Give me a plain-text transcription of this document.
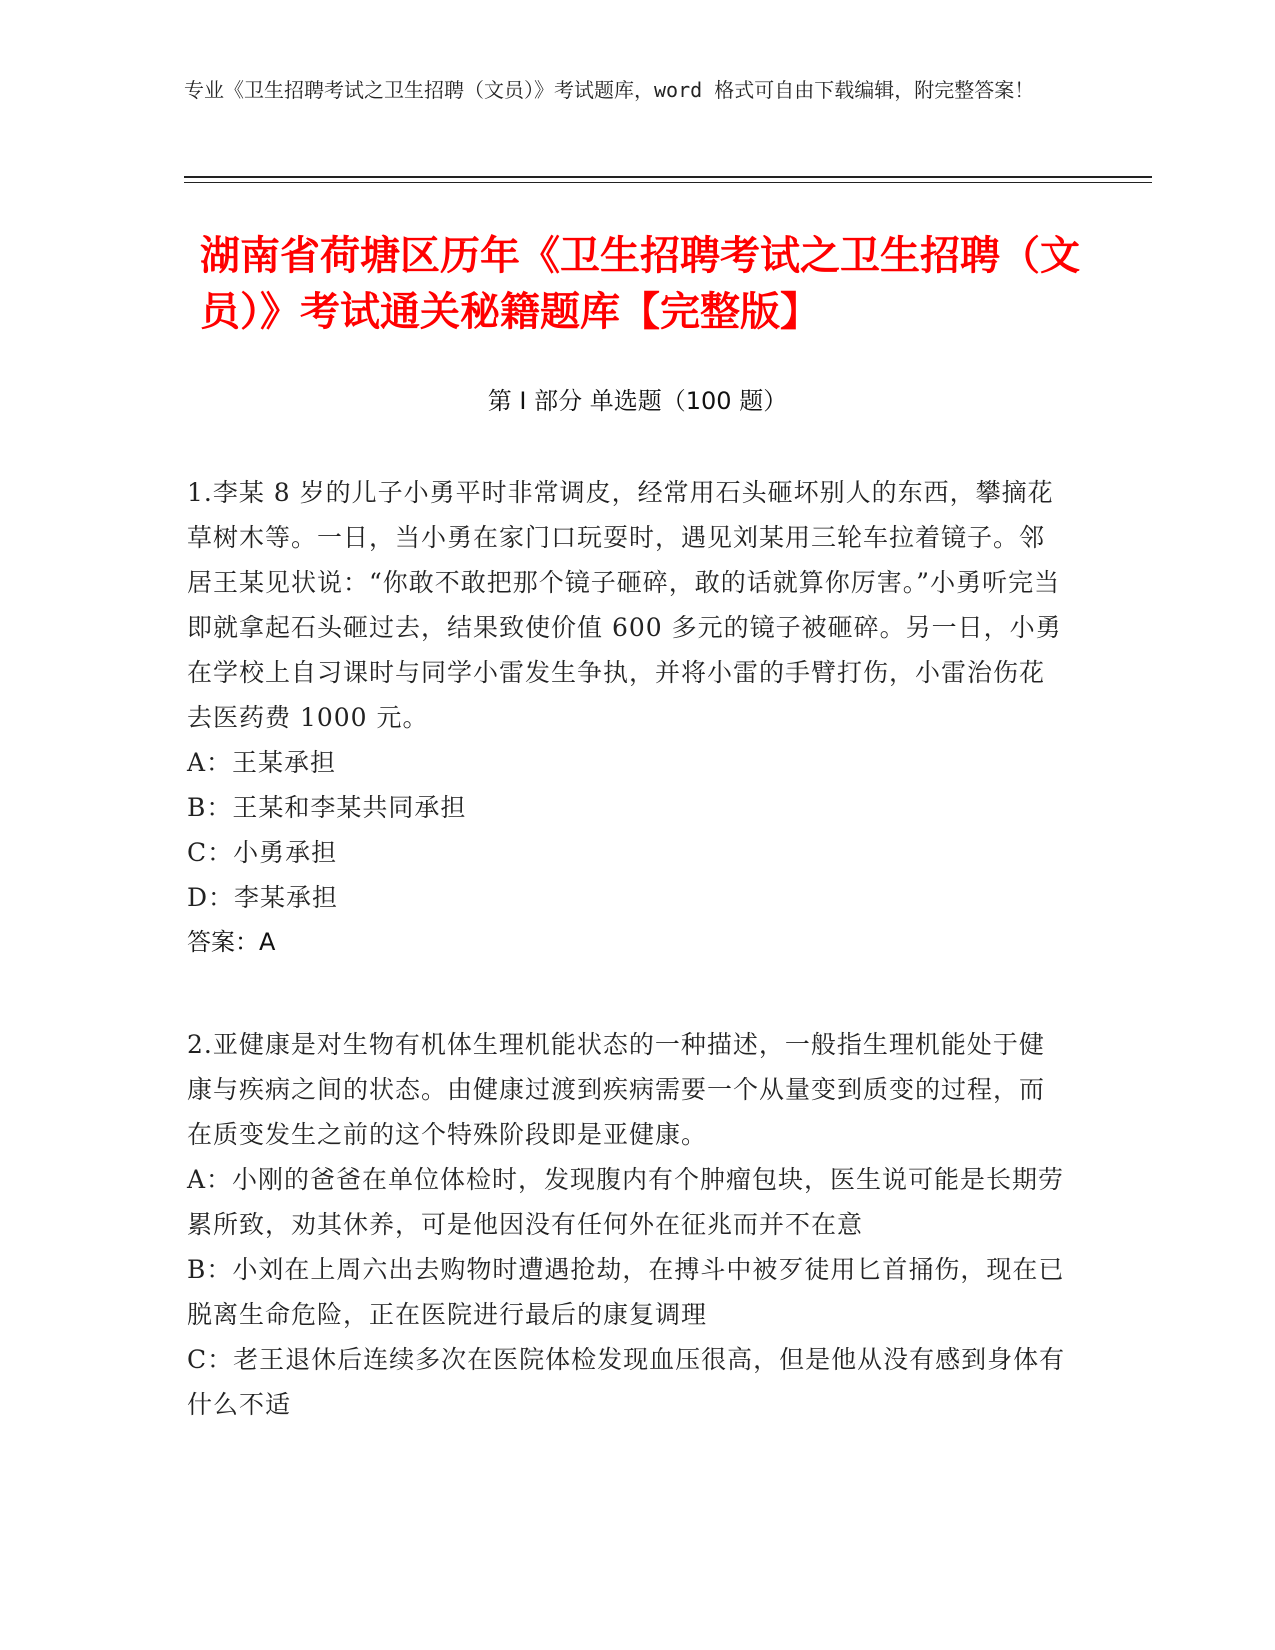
专业《卫生招聘考试之卫生招聘（文员）》考试题库，word 格式可自由下载编辑，附完整答案！
湖南省荷塘区历年《卫生招聘考试之卫生招聘（文员）》考试通关秘籍题库【完整版】
第 I 部分 单选题（100 题）

1.李某 8 岁的儿子小勇平时非常调皮，经常用石头砸坏别人的东西，攀摘花草树木等。一日，当小勇在家门口玩耍时，遇见刘某用三轮车拉着镜子。邻居王某见状说：“你敢不敢把那个镜子砸碎，敢的话就算你厉害。”小勇听完当即就拿起石头砸过去，结果致使价值 600 多元的镜子被砸碎。另一日，小勇在学校上自习课时与同学小雷发生争执，并将小雷的手臂打伤，小雷治伤花去医药费 1000 元。

A：王某承担

B：王某和李某共同承担

C：小勇承担

D：李某承担

答案：A

2.亚健康是对生物有机体生理机能状态的一种描述，一般指生理机能处于健康与疾病之间的状态。由健康过渡到疾病需要一个从量变到质变的过程，而在质变发生之前的这个特殊阶段即是亚健康。

A：小刚的爸爸在单位体检时，发现腹内有个肿瘤包块，医生说可能是长期劳累所致，劝其休养，可是他因没有任何外在征兆而并不在意

B：小刘在上周六出去购物时遭遇抢劫，在搏斗中被歹徒用匕首捅伤，现在已脱离生命危险，正在医院进行最后的康复调理

C：老王退休后连续多次在医院体检发现血压很高，但是他从没有感到身体有什么不适
